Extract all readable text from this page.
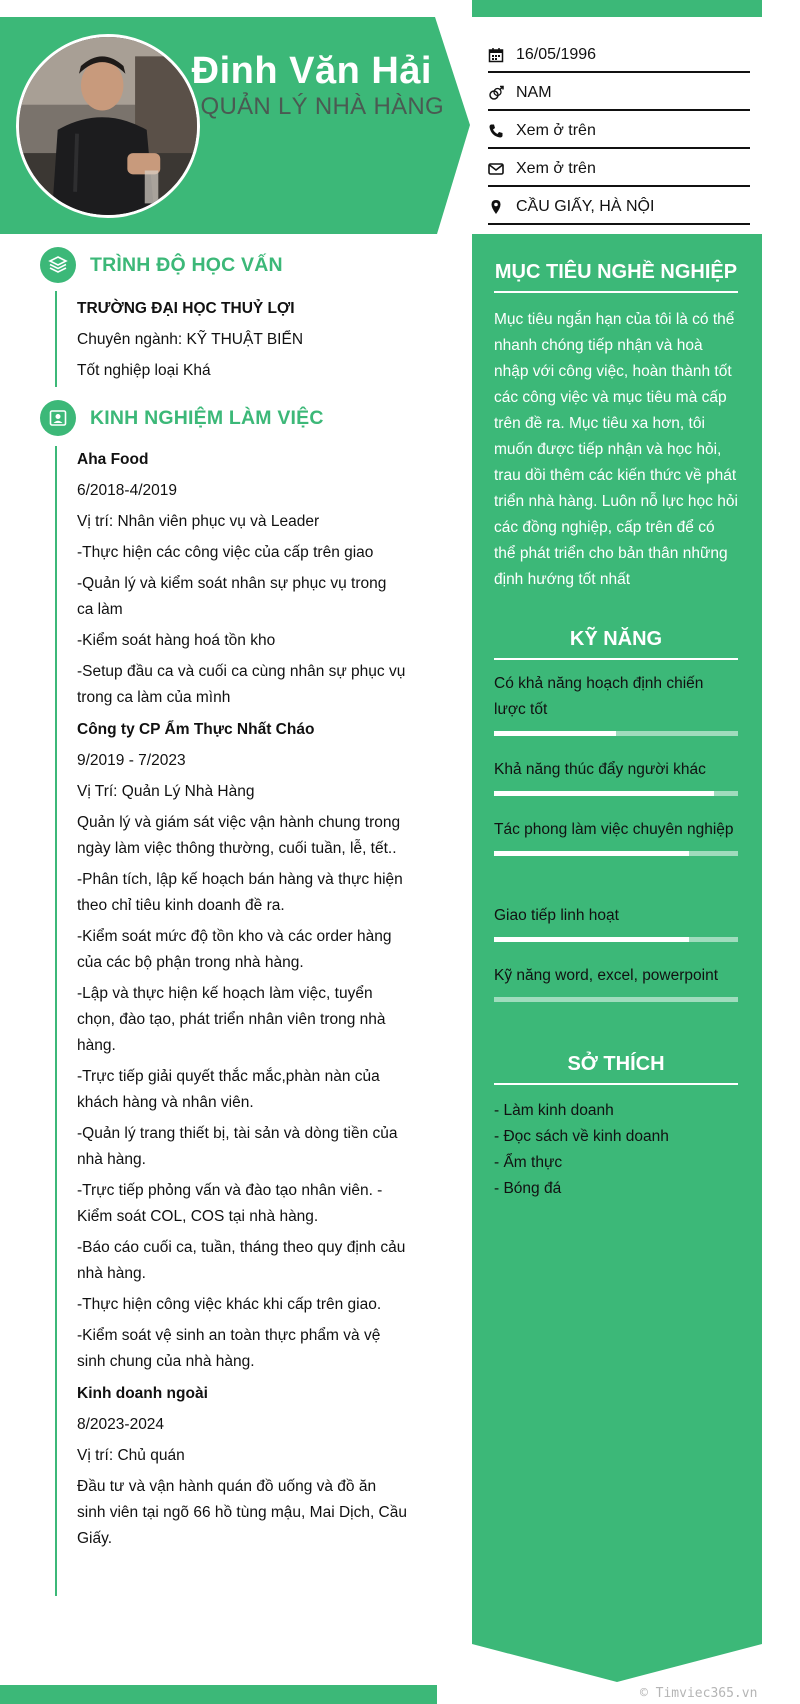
Đinh Văn Hải
QUẢN LÝ NHÀ HÀNG
16/05/1996
NAM
Xem ở trên
Xem ở trên
CẦU GIẤY, HÀ NỘI
MỤC TIÊU NGHỀ NGHIỆP
Mục tiêu ngắn hạn của tôi là có thể nhanh chóng tiếp nhận và hoà nhập với công việc, hoàn thành tốt các công việc và mục tiêu mà cấp trên đề ra. Mục tiêu xa hơn, tôi muốn được tiếp nhận và học hỏi, trau dồi thêm các kiến thức về phát triển nhà hàng. Luôn nỗ lực học hỏi các đồng nghiệp, cấp trên để có thể phát triển cho bản thân những định hướng tốt nhất
KỸ NĂNG
Có khả năng hoạch định chiến lược tốt
Khả năng thúc đẩy người khác
Tác phong làm việc chuyên nghiệp
Giao tiếp linh hoạt
Kỹ năng word, excel, powerpoint
SỞ THÍCH
- Làm kinh doanh
- Đọc sách về kinh doanh
- Ẩm thực
- Bóng đá
TRÌNH ĐỘ HỌC VẤN

TRƯỜNG ĐẠI HỌC THUỶ LỢI

Chuyên ngành: KỸ THUẬT BIỂN

Tốt nghiệp loại Khá

KINH NGHIỆM LÀM VIỆC

Aha Food

6/2018-4/2019

Vị trí: Nhân viên phục vụ và Leader

-Thực hiện các công việc của cấp trên giao

-Quản lý và kiểm soát nhân sự phục vụ trong ca làm

-Kiểm soát hàng hoá tồn kho

-Setup đầu ca và cuối ca cùng nhân sự phục vụ trong ca làm của mình

Công ty CP Ẩm Thực Nhất Cháo

9/2019 - 7/2023

Vị Trí: Quản Lý Nhà Hàng

Quản lý và giám sát việc vận hành chung trong ngày làm việc thông thường, cuối tuần, lễ, tết..

-Phân tích, lập kế hoạch bán hàng và thực hiện theo chỉ tiêu kinh doanh đề ra.

-Kiểm soát mức độ tồn kho và các order hàng của các bộ phận trong nhà hàng.

-Lập và thực hiện kế hoạch làm việc, tuyển chọn, đào tạo, phát triển nhân viên trong nhà hàng.

-Trực tiếp giải quyết thắc mắc,phàn nàn của khách hàng và nhân viên.

-Quản lý trang thiết bị, tài sản và dòng tiền của nhà hàng.

-Trực tiếp phỏng vấn và đào tạo nhân viên. - Kiểm soát COL, COS tại nhà hàng.

-Báo cáo cuối ca, tuần, tháng theo quy định cảu nhà hàng.

-Thực hiện công việc khác khi cấp trên giao.

-Kiểm soát vệ sinh an toàn thực phẩm và vệ sinh chung của nhà hàng.

Kinh doanh ngoài

8/2023-2024

Vị trí: Chủ quán

Đầu tư và vận hành quán đồ uống và đồ ăn sinh viên tại ngõ 66 hồ tùng mậu, Mai Dịch, Cầu Giấy.

© Timviec365.vn
